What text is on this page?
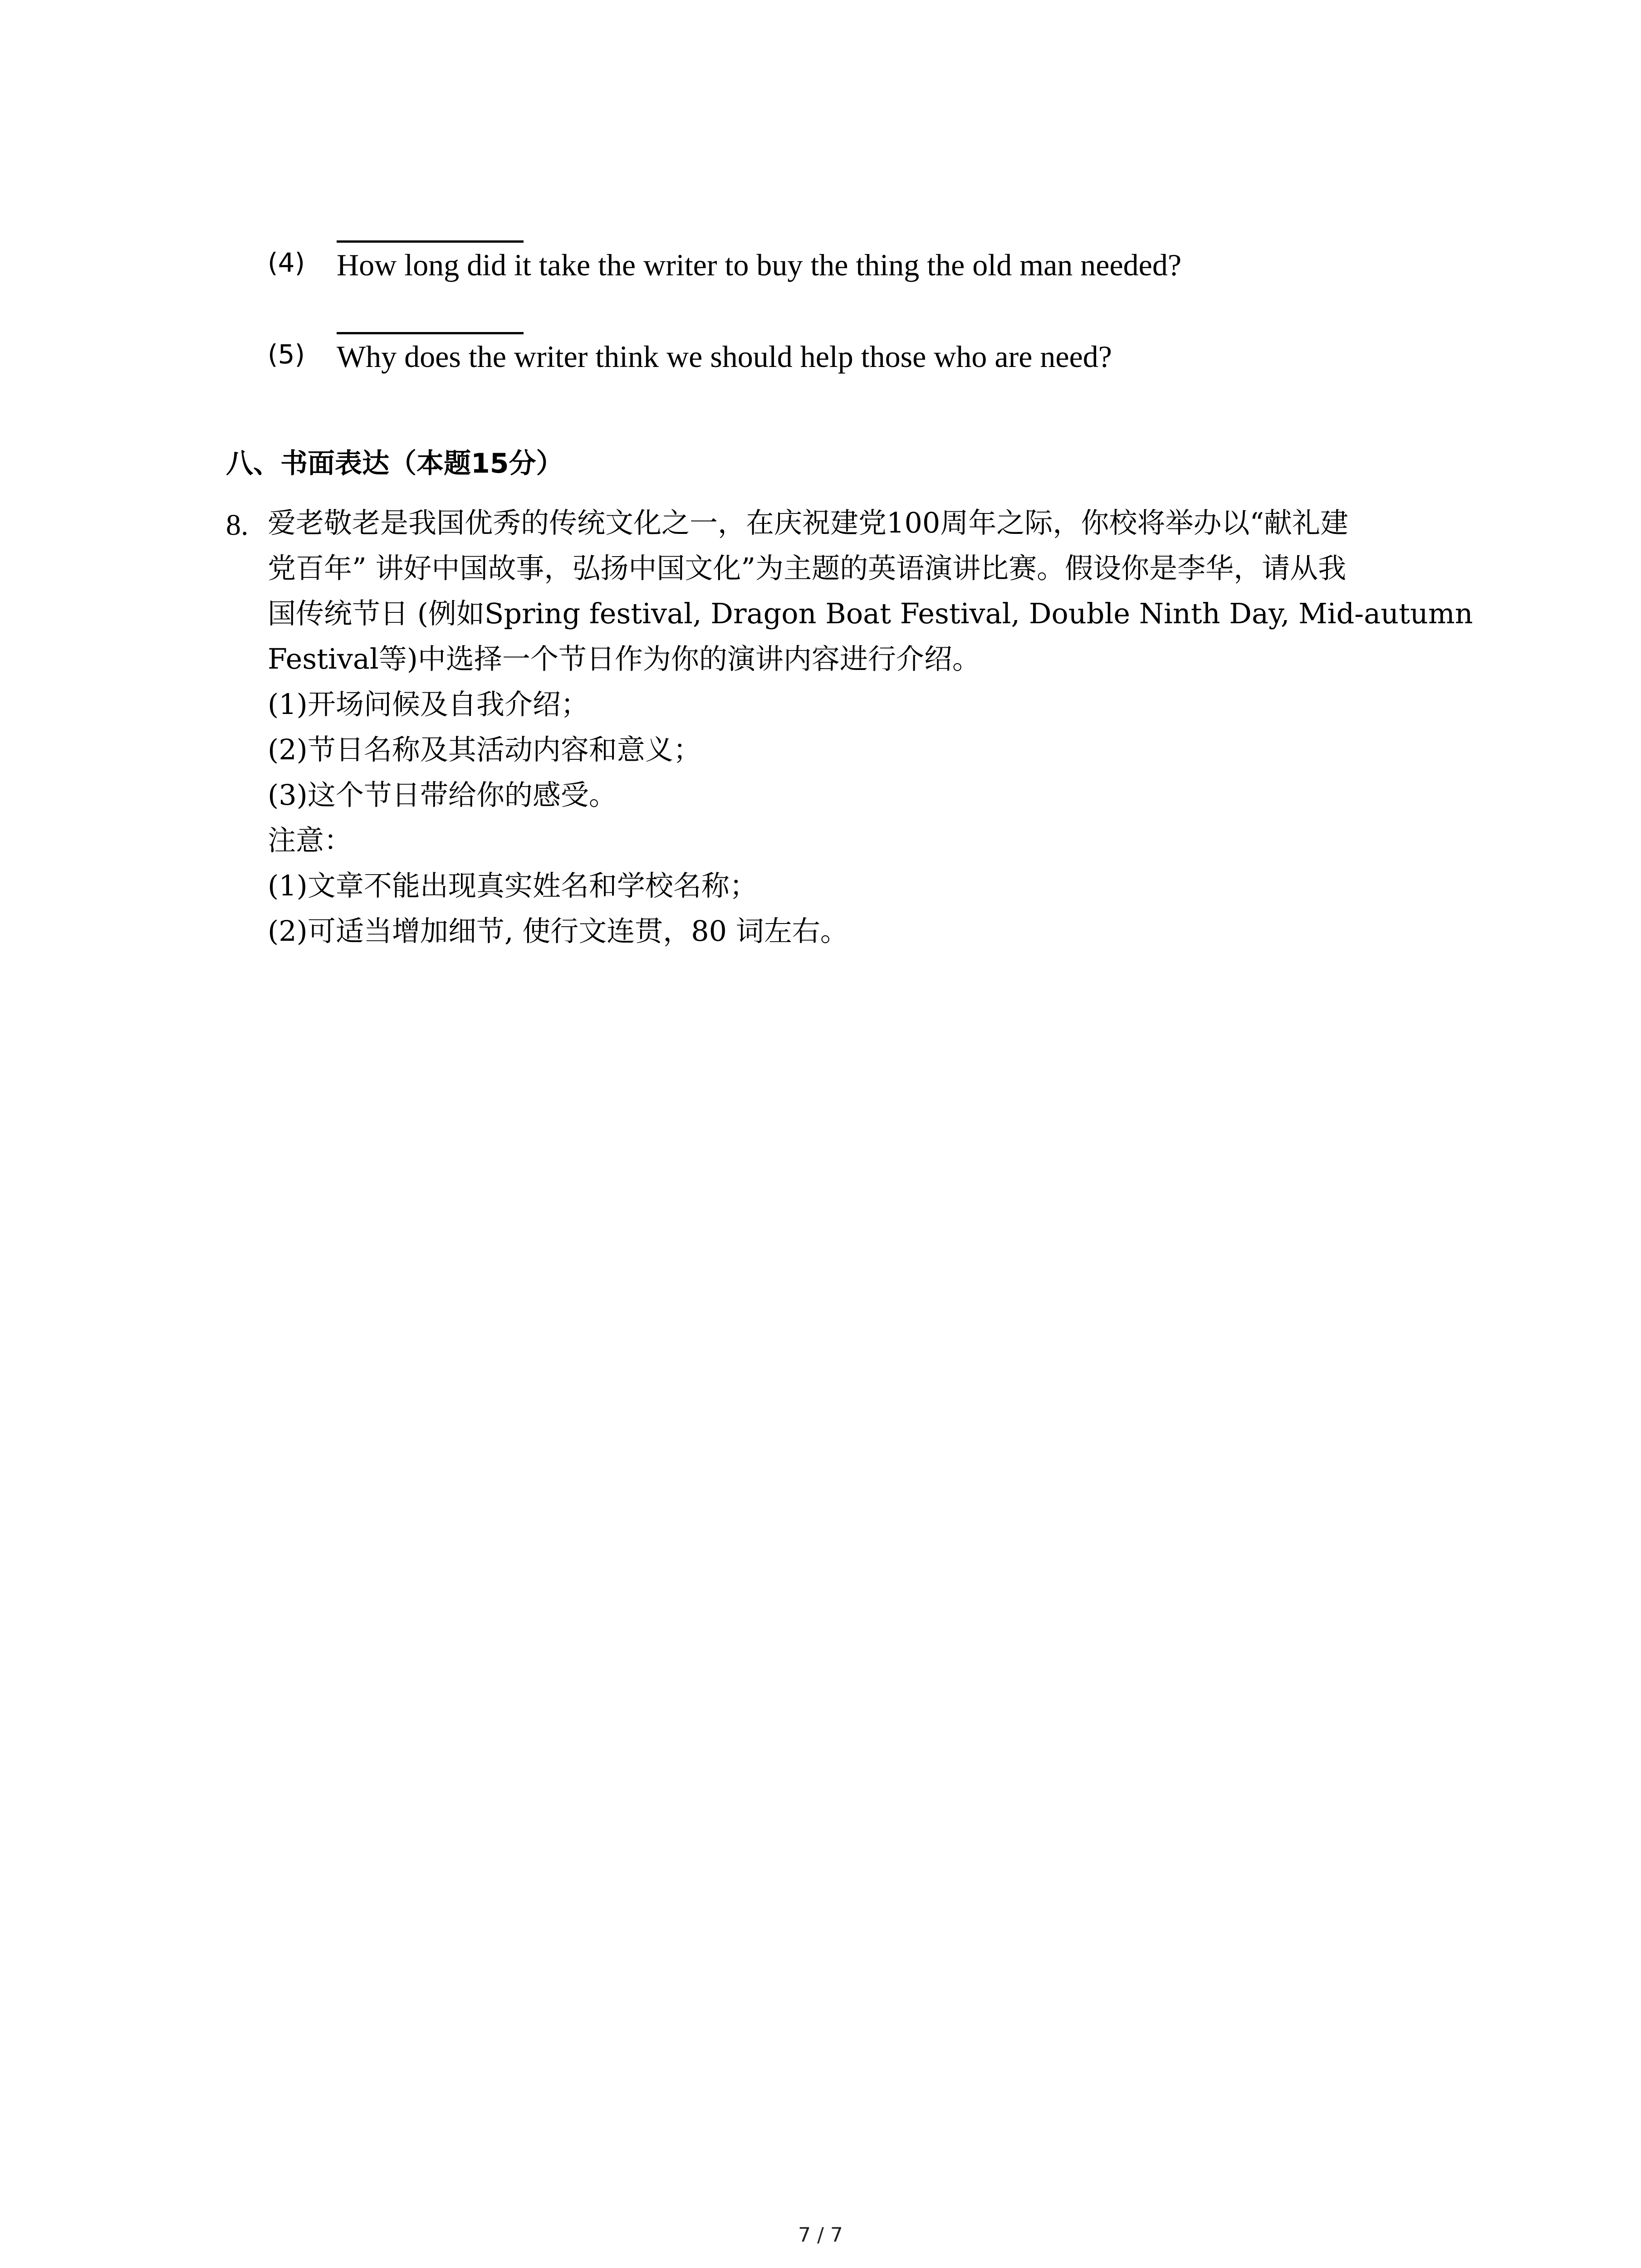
(4) How long did it take the writer to buy the thing the old man needed?
(5) Why does the writer think we should help those who are need?
八、书面表达（本题15分）
8. 爱老敬老是我国优秀的传统文化之一，在庆祝建党100周年之际，你校将举办以“献礼建
党百年” 讲好中国故事，弘扬中国文化”为主题的英语演讲比赛。假设你是李华，请从我
国传统节日 (例如Spring festival, Dragon Boat Festival, Double Ninth Day, Mid-autumn
Festival等)中选择一个节日作为你的演讲内容进行介绍。
(1)开场问候及自我介绍；
(2)节日名称及其活动内容和意义；
(3)这个节日带给你的感受。
注意：
(1)文章不能出现真实姓名和学校名称；
(2)可适当增加细节, 使行文连贯，80 词左右。
7 / 7
